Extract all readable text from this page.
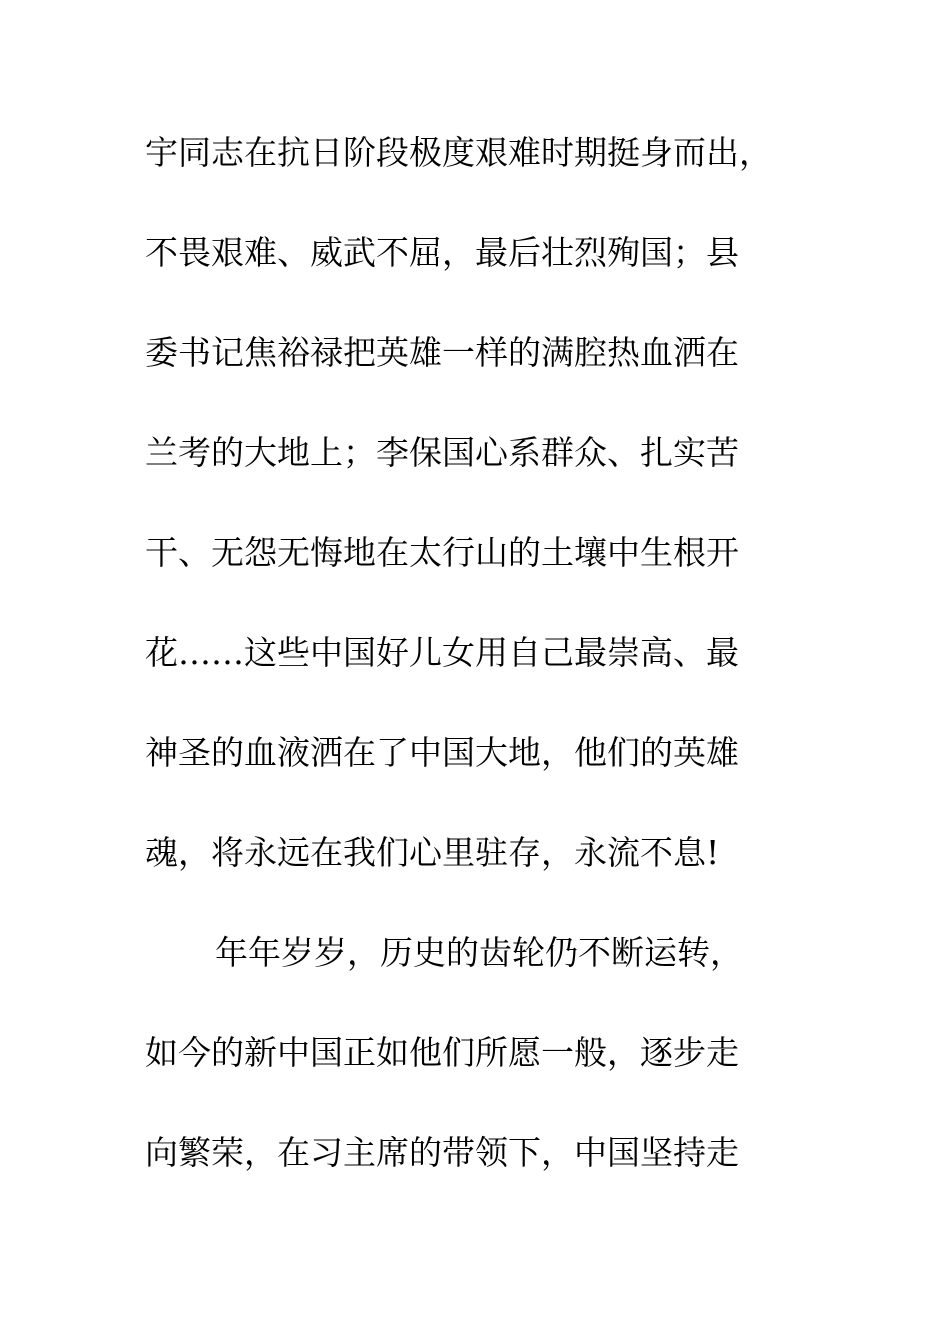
宇同志在抗日阶段极度艰难时期挺身而出，
不畏艰难、威武不屈，最后壮烈殉国；县
委书记焦裕禄把英雄一样的满腔热血洒在
兰考的大地上；李保国心系群众、扎实苦
干、无怨无悔地在太行山的土壤中生根开
花……这些中国好儿女用自己最崇高、最
神圣的血液洒在了中国大地，他们的英雄
魂，将永远在我们心里驻存，永流不息!
年年岁岁，历史的齿轮仍不断运转，
如今的新中国正如他们所愿一般，逐步走
向繁荣，在习主席的带领下，中国坚持走
